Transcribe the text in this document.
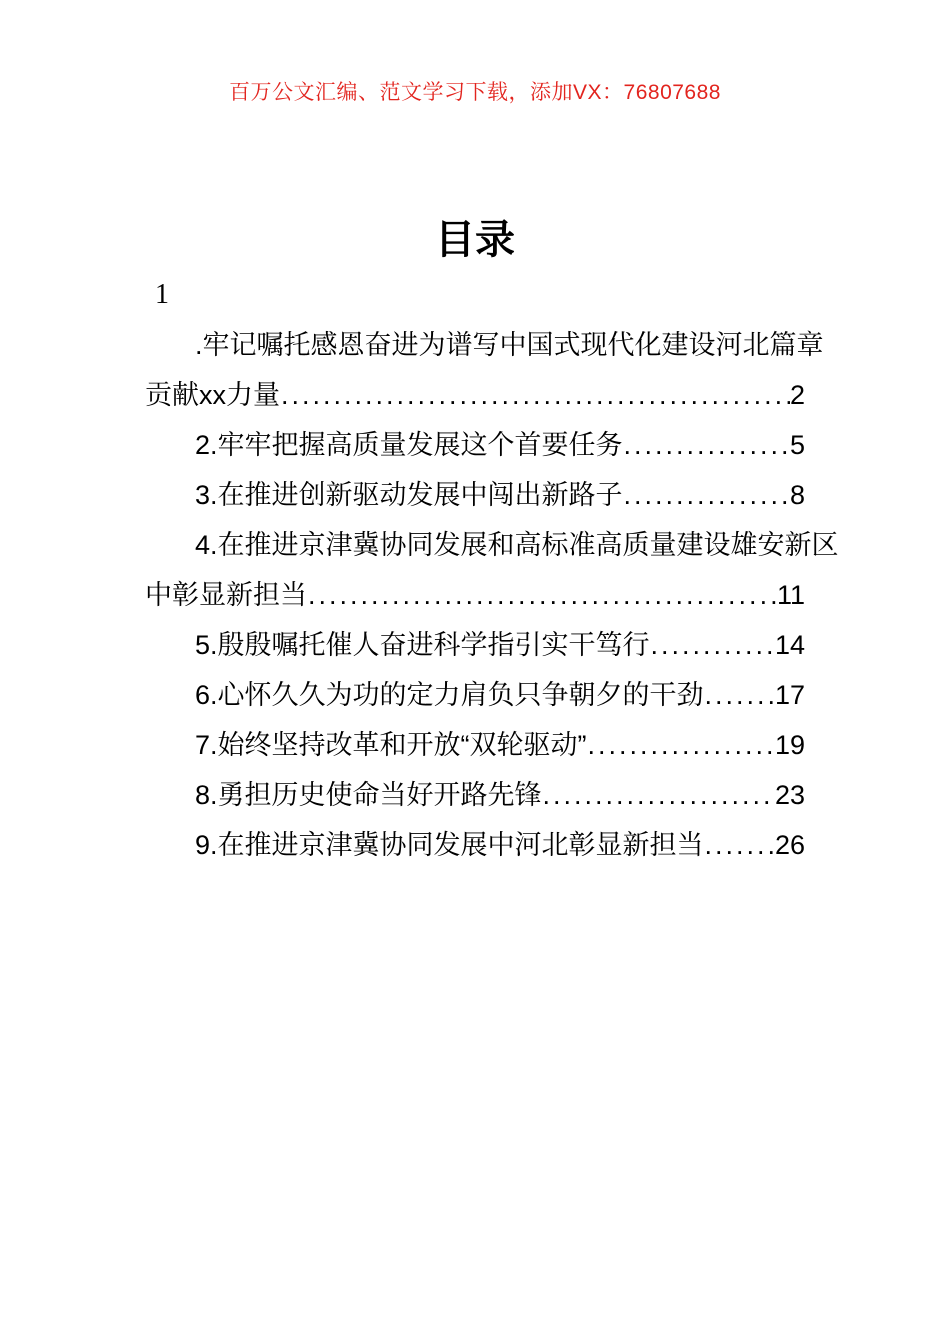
百万公文汇编、范文学习下载，添加VX：76807688
目录
1
.牢记嘱托感恩奋进为谱写中国式现代化建设河北篇章
贡献xx力量 .....	2
2.牢牢把握高质量发展这个首要任务 .....	5
3.在推进创新驱动发展中闯出新路子 .....	8
4.在推进京津冀协同发展和高标准高质量建设雄安新区
中彰显新担当 .....	11
5.殷殷嘱托催人奋进科学指引实干笃行 .....	14
6.心怀久久为功的定力肩负只争朝夕的干劲 .....	17
7.始终坚持改革和开放“双轮驱动” .....	19
8.勇担历史使命当好开路先锋 .....	23
9.在推进京津冀协同发展中河北彰显新担当 .....	26
